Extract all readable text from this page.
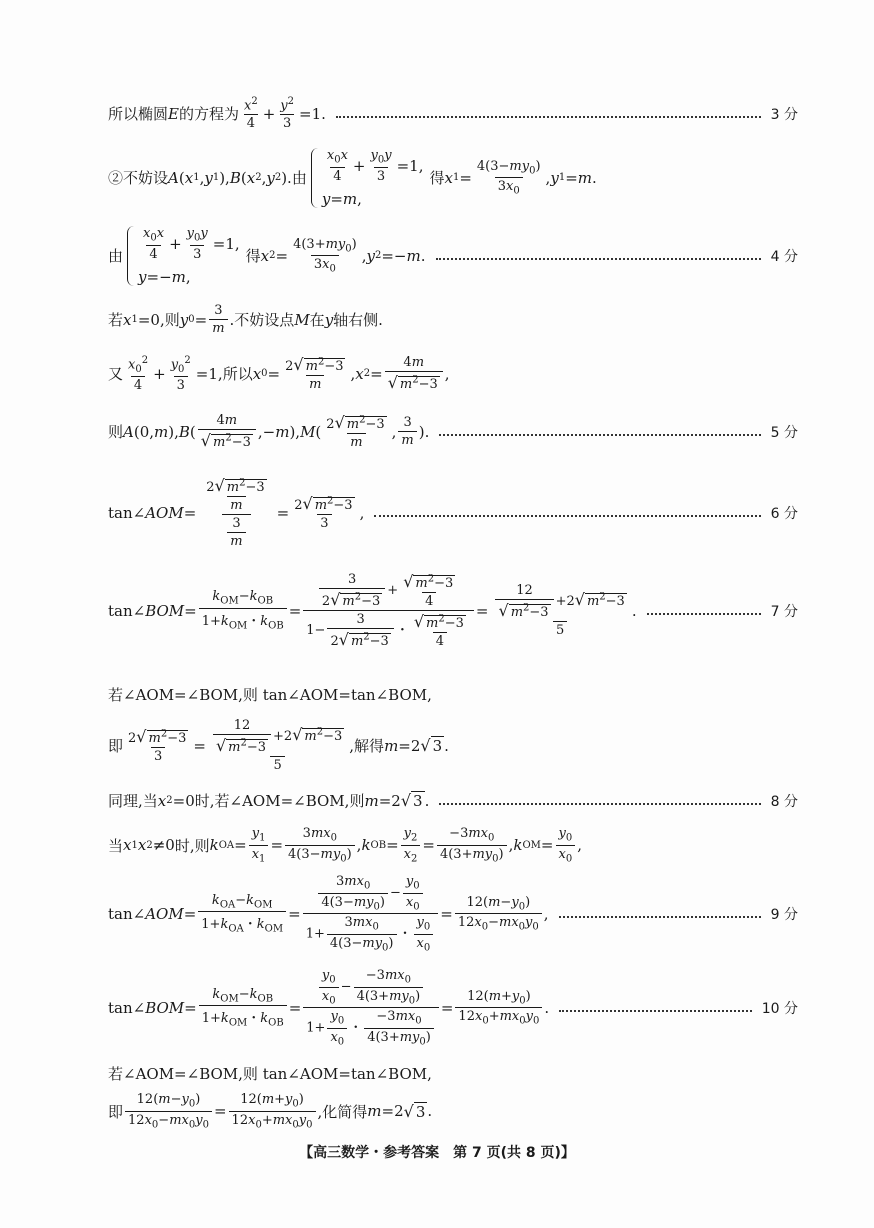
所以椭圆 E 的方程为 $\frac{x^2}{4} + \frac{y^2}{3} =1$.	3 分
②不妨设 A ( x 1 , y 1 ), B ( x 2 , y 2 ). 由 $\frac{x_0x}{4} + \frac{y_0y}{3} =1$,
y = m ,
得 x $1 = \frac{4(3-my_0)}{3x_0}$ , y 1 = m .
由 $\frac{x_0x}{4} + \frac{y_0y}{3} =1$,
y =− m ,
得 x $2 = \frac{4(3+my_0)}{3x_0}$ , y 2 =− m .	4 分
若 x 1 =0 ,则 y $0 = \frac{3}{m}$ .不妨设点 M 在 y 轴右侧.
又 $\frac{x_0^2}{4} + \frac{y_0^2}{3} =1$ ,所以 x $0 = \frac{2√ m^2-3}{m}$ , x $2 = \frac{4m}{√ m^2-3}$ ,
则 A (0, m ), B ( $\frac{4m}{√ m^2-3}$ ,− m ), M ( $\frac{2√ m^2-3}{m}$ , $\frac{3}{m}$ ).	5 分
tan∠ AOM = $\frac{\frac{2√ m^2-3}{m}}{\frac{3}{m}} = \frac{2√ m^2-3}{3}$ ,	6 分
tan∠ BOM = $\frac{k_{OM}-k_{OB}}{1+k_{OM}・k_{OB}} = \frac{\frac{3}{2√ m^2-3} + \frac{√ m^2-3}{4}}{1- \frac{3}{2√ m^2-3} ・ \frac{√ m^2-3}{4}} = \frac{\frac{12}{√ m^2-3} +2√ m^2-3}{5}$ .	7 分
若∠AOM=∠BOM,则 tan∠AOM=tan∠BOM,
即 $\frac{2√ m^2-3}{3} = \frac{\frac{12}{√ m^2-3} +2√ m^2-3}{5}$ ,解得 m =2 √ 3 .
同理,当 x 2 =0 时,若∠AOM=∠BOM,则 m =2 √ 3 .	8 分
当 x 1 x 2 ≠0 时,则 k OA = $\frac{y_1}{x_1} = \frac{3mx_0}{4(3-my_0)}$ , k OB = $\frac{y_2}{x_2} = \frac{-3mx_0}{4(3+my_0)}$ , k OM = $\frac{y_0}{x_0}$ ,
tan∠ AOM = $\frac{k_{OA}-k_{OM}}{1+k_{OA}・k_{OM}} = \frac{\frac{3mx_0}{4(3-my_0)} - \frac{y_0}{x_0}}{1+ \frac{3mx_0}{4(3-my_0)} ・ \frac{y_0}{x_0}} = \frac{12(m-y_0)}{12x_0-mx_0y_0}$ ,	9 分
tan∠ BOM = $\frac{k_{OM}-k_{OB}}{1+k_{OM}・k_{OB}} = \frac{\frac{y_0}{x_0} - \frac{-3mx_0}{4(3+my_0)}}{1+ \frac{y_0}{x_0} ・ \frac{-3mx_0}{4(3+my_0)}} = \frac{12(m+y_0)}{12x_0+mx_0y_0}$ .	10 分
若∠AOM=∠BOM,则 tan∠AOM=tan∠BOM,
即 $\frac{12(m-y_0)}{12x_0-mx_0y_0} = \frac{12(m+y_0)}{12x_0+mx_0y_0}$ ,化简得 m =2 √ 3 .
【高三数学・参考答案　第 7 页(共 8 页)】
